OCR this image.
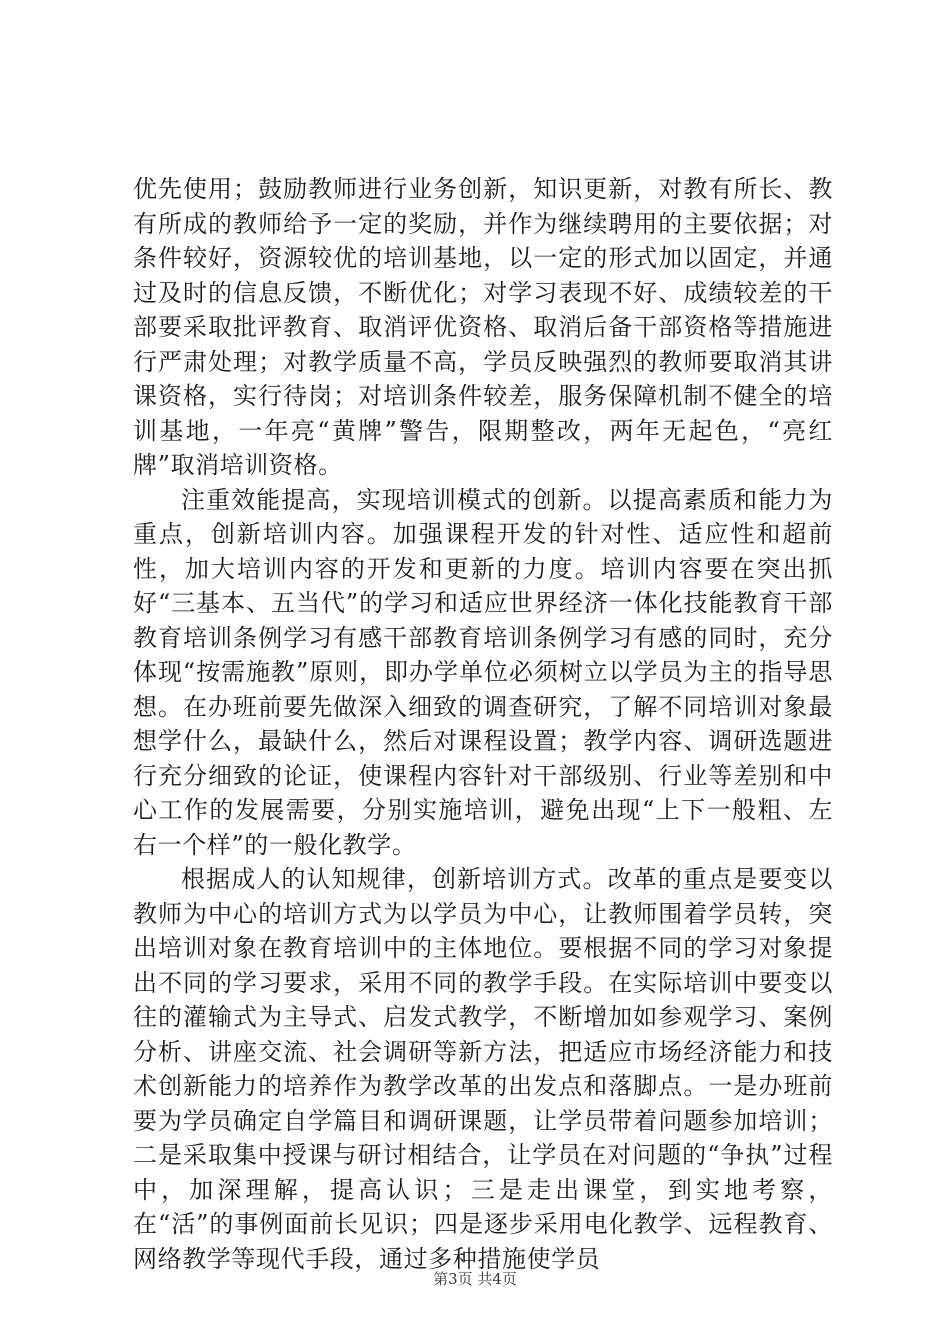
优先使用；鼓励教师进行业务创新，知识更新，对教有所长、教有所成的教师给予一定的奖励，并作为继续聘用的主要依据；对条件较好，资源较优的培训基地，以一定的形式加以固定，并通过及时的信息反馈，不断优化；对学习表现不好、成绩较差的干部要采取批评教育、取消评优资格、取消后备干部资格等措施进行严肃处理；对教学质量不高，学员反映强烈的教师要取消其讲课资格，实行待岗；对培训条件较差，服务保障机制不健全的培训基地，一年亮“黄牌”警告，限期整改，两年无起色，“亮红牌”取消培训资格。

注重效能提高，实现培训模式的创新。以提高素质和能力为重点，创新培训内容。加强课程开发的针对性、适应性和超前性，加大培训内容的开发和更新的力度。培训内容要在突出抓好“三基本、五当代”的学习和适应世界经济一体化技能教育干部教育培训条例学习有感干部教育培训条例学习有感的同时，充分体现“按需施教”原则，即办学单位必须树立以学员为主的指导思想。在办班前要先做深入细致的调查研究，了解不同培训对象最想学什么，最缺什么，然后对课程设置；教学内容、调研选题进行充分细致的论证，使课程内容针对干部级别、行业等差别和中心工作的发展需要，分别实施培训，避免出现“上下一般粗、左右一个样”的一般化教学。

根据成人的认知规律，创新培训方式。改革的重点是要变以教师为中心的培训方式为以学员为中心，让教师围着学员转，突出培训对象在教育培训中的主体地位。要根据不同的学习对象提出不同的学习要求，采用不同的教学手段。在实际培训中要变以往的灌输式为主导式、启发式教学，不断增加如参观学习、案例分析、讲座交流、社会调研等新方法，把适应市场经济能力和技术创新能力的培养作为教学改革的出发点和落脚点。一是办班前要为学员确定自学篇目和调研课题，让学员带着问题参加培训；二是采取集中授课与研讨相结合，让学员在对问题的“争执”过程中，加深理解，提高认识；三是走出课堂，到实地考察，在“活”的事例面前长见识；四是逐步采用电化教学、远程教育、网络教学等现代手段，通过多种措施使学员

第3页 共4页
